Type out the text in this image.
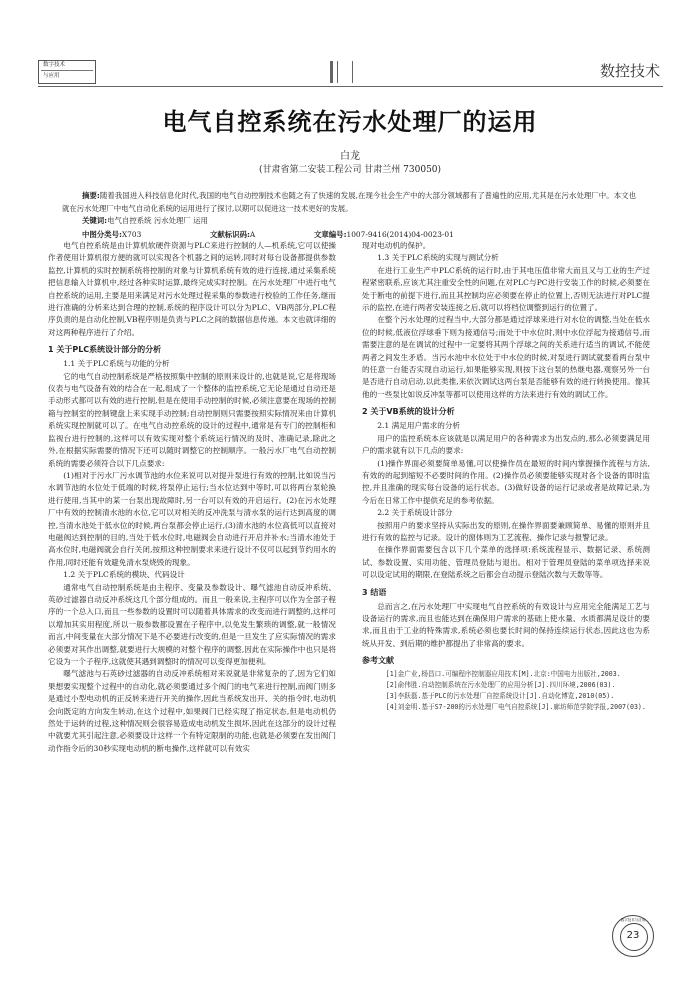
数字技术
与应用	数控技术
电气自控系统在污水处理厂的运用
白龙
(甘肃省第二安装工程公司 甘肃兰州 730050)
摘要:随着我国进入科技信息化时代,我国的电气自动控制技术也随之有了快速的发展,在现今社会生产中的大部分领域都有了普遍性的应用,尤其是在污水处理厂中。本文也就在污水处理厂中电气自动化系统的运用进行了探讨,以期可以促进这一技术更好的发展。
关键词:电气自控系统 污水处理厂 运用
中图分类号:X703	文献标识码:A	文章编号:1007-9416(2014)04-0023-01

电气自控系统是由计算机软硬件资源与PLC来进行控制的人—机系统,它可以使操作者使用计算机很方便的就可以实现各个机器之间的运转,同时对每台设备都提供参数监控,计算机的实时控制系统将控制的对象与计算机系统有效的进行连接,通过采集系统把信息输入计算机中,经过各种实时运算,最终完成实时控制。在污水处理厂中进行电气自控系统的运用,主要是用来满足对污水处理过程采集的参数进行校验的工作任务,继而进行准确的分析来达到合理的控制,系统的程序设计可以分为PLC、VB两部分,PLC程序负责的是自动化控制,VB程序则是负责与PLC之间的数据信息传递。本文也就详细的对这两种程序进行了介绍。

1 关于PLC系统设计部分的分析
1.1 关于PLC系统与功能的分析

它的电气自动控制系统是严格按照集中控制的原则来设计的,也就是说,它是将现场仪表与电气设备有效的结合在一起,组成了一个整体的监控系统,它无论是通过自动还是手动形式都可以有效的进行控制,但是在使用手动控制的时候,必须注意要在现场的控制箱与控制室的控制键盘上来实现手动控制;自动控制则只需要按照实际情况来由计算机系统实现控制就可以了。在电气自动控系统的设计的过程中,通常是有专门的控制柜和监视台进行控制的,这样可以有效实现对整个系统运行情况的及时、准确记录,除此之外,在根据实际需要的情况下还可以随时调整它的控制顺序。一般污水厂电气自动控制系统的需要必须符合以下几点要求:

(1)相对于污水厂污水调节池的水位来说可以对提升泵进行有效的控制,比如说当污水调节池的水位处于低端的时候,将泵停止运行;当水位达到中等时,可以将两台泵轮换进行使用,当其中的某一台泵出现故障时,另一台可以有效的开启运行。(2)在污水处理厂中有效的控制清水池的水位,它可以对相关的反冲洗泵与清水泵的运行达到高度的调控,当清水池处于低水位的时候,两台泵都会停止运行,(3)清水池的水位高低可以直接对电磁阀达到控制的目的,当处于低水位时,电磁阀会自动进行开启并补水;当清水池处于高水位时,电磁阀就会自行关闭,按照这种控制要求来进行设计不仅可以起到节约用水的作用,同时还能有效避免清水泵烧毁的现象。

1.2 关于PLC系统的模块、代码设计

通常电气自动控制系统是由主程序、变量及参数设计、曝气滤池自动反冲系统、英砂过滤器自动反冲系统这几个部分组成的。而且一般来说,主程序可以作为全部子程序的一个总入口,而且一些参数的设置时可以随着具体需求的改变而进行调整的,这样可以增加其实用程度,所以一般参数都设置在子程序中,以免发生繁琐的调整,就一般情况而言,中间变量在大部分情况下是不必要进行改变的,但是一旦发生了应实际情况的需求必须要对其作出调整,就要进行大规模的对整个程序的调整,因此在实际操作中也只是将它设为一个子程序,这就使其遇到调整时的情况可以变得更加便利。

曝气滤池与石英砂过滤器的自动反冲系统相对来说就是非常复杂的了,因为它们如果想要实现整个过程中的自动化,就必须要通过多个阀门的电气来进行控制,而阀门则多是通过小型电动机的正反转来进行开关的操作,因此当系统发出开、关的指令时,电动机会向既定的方向发生转动,在这个过程中,如果阀门已经实现了指定状态,但是电动机仍然处于运转的过程,这种情况则会很容易造成电动机发生损坏,因此在这部分的设计过程中就要尤其引起注意,必须要设计这样一个有特定限制的功能,也就是必须要在发出阀门动作指令后的30秒实现电动机的断电操作,这样就可以有效实

现对电动机的保护。

1.3 关于PLC系统的实现与测试分析

在进行工业生产中PLC系统的运行时,由于其电压值非常大而且又与工业的生产过程紧密联系,应该尤其注重安全性的问题,在对PLC与PC进行安装工作的时候,必须要在处于断电的前提下进行,而且其控制均应必须要在停止的位置上,否则无法进行对PLC提示的监控,在进行两者安装连接之后,就可以将档位调整到运行的位置了。

在整个污水处理的过程当中,大部分都是通过浮球来进行对水位的调整,当处在低水位的时候,低液位浮球垂下则为接通信号;而处于中水位时,则中水位浮起为接通信号,而需要注意的是在调试的过程中一定要将其两个浮球之间的关系进行适当的调试,不能使两者之间发生矛盾。当污水池中水位处于中水位的时候,对泵进行调试就要看两台泵中的任意一台能否实现自动运行,如果能够实现,则按下这台泵的热继电器,观察另外一台是否进行自动启动,以此类推,来依次调试这两台泵是否能够有效的进行转换使用。像其他的一些泵比如说反冲泵等都可以使用这样的方法来进行有效的调试工作。

2 关于VB系统的设计分析
2.1 满足用户需求的分析

用户的监控系统本应该就是以满足用户的各种需求为出发点的,那么必须要满足用户的需求就有以下几点的要求:

(1)操作界面必须要简单易懂,可以使操作员在最短的时间内掌握操作流程与方法,有效的的起到缩短不必要时间的作用。(2)操作员必须要能够实现对各个设备的即时监控,并且准确的现实每台设备的运行状态。(3)做好设备的运行记录或者是故障记录,为今后在日常工作中提供充足的参考依据。

2.2 关于系统设计部分

按照用户的要求坚持从实际出发的原则,在操作界面要兼顾简单、易懂的原则并且进行有效的监控与记录。设计的窗体则为工艺流程、操作记录与报警记录。

在操作界面需要包含以下几个菜单的选择项:系统流程显示、数据记录、系统测试、参数设置、实用功能、管理员登陆与退出。相对于管理员登陆的菜单项选择来说可以设定试用的期限,在登陆系统之后都会自动提示登陆次数与天数等等。

3 结语

总而言之,在污水处理厂中实现电气自控系统的有效设计与应用完全能满足工艺与设备运行的需求,而且也能达到在确保用户需求的基础上使水量、水质都满足设计的要求,而且由于工业的特殊需求,系统必须也要长时间的保持连续运行状态,因此这也为系统从开发、到后期的维护都提出了非常高的要求。

参考文献

[1]金广业,杨昌口.可编程序控制器应用技术[M].北京:中国电力出版社,2003.

[2]俞伟胜.自动控制系统在污水处理厂的应用分析[J].四川环境,2006(03).

[3]李跃磊.基于PLC的污水处理厂自控系统设计[J].自动化博览,2010(05).

[4]刘金明.基于S7-200的污水处理厂电气自控系统[J].廊坊师范学院学报,2007(03).

数字技术与应用
23
